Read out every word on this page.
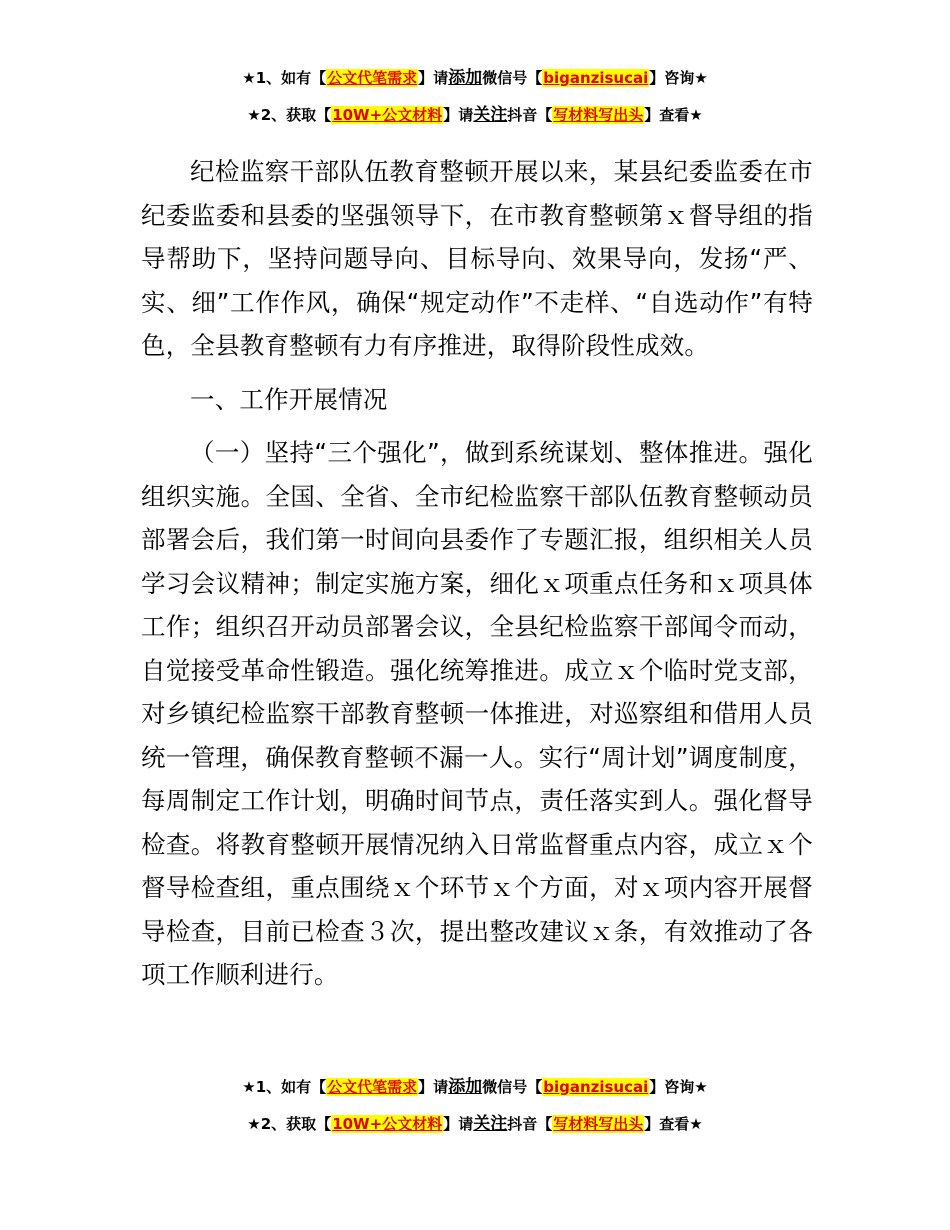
★1、如有【公文代笔需求】请添加微信号【biganzisucai】咨询★
★2、获取【10W+公文材料】请关注抖音【写材料写出头】查看★

纪检监察干部队伍教育整顿开展以来，某县纪委监委在市纪委监委和县委的坚强领导下，在市教育整顿第ｘ督导组的指导帮助下，坚持问题导向、目标导向、效果导向，发扬“严、实、细”工作作风，确保“规定动作”不走样、“自选动作”有特色，全县教育整顿有力有序推进，取得阶段性成效。

一、工作开展情况

（一）坚持“三个强化”，做到系统谋划、整体推进。强化组织实施。全国、全省、全市纪检监察干部队伍教育整顿动员部署会后，我们第一时间向县委作了专题汇报，组织相关人员学习会议精神；制定实施方案，细化ｘ项重点任务和ｘ项具体工作；组织召开动员部署会议，全县纪检监察干部闻令而动，自觉接受革命性锻造。强化统筹推进。成立ｘ个临时党支部，对乡镇纪检监察干部教育整顿一体推进，对巡察组和借用人员统一管理，确保教育整顿不漏一人。实行“周计划”调度制度，每周制定工作计划，明确时间节点，责任落实到人。强化督导检查。将教育整顿开展情况纳入日常监督重点内容，成立ｘ个督导检查组，重点围绕ｘ个环节ｘ个方面，对ｘ项内容开展督导检查，目前已检查３次，提出整改建议ｘ条，有效推动了各项工作顺利进行。

★1、如有【公文代笔需求】请添加微信号【biganzisucai】咨询★
★2、获取【10W+公文材料】请关注抖音【写材料写出头】查看★
